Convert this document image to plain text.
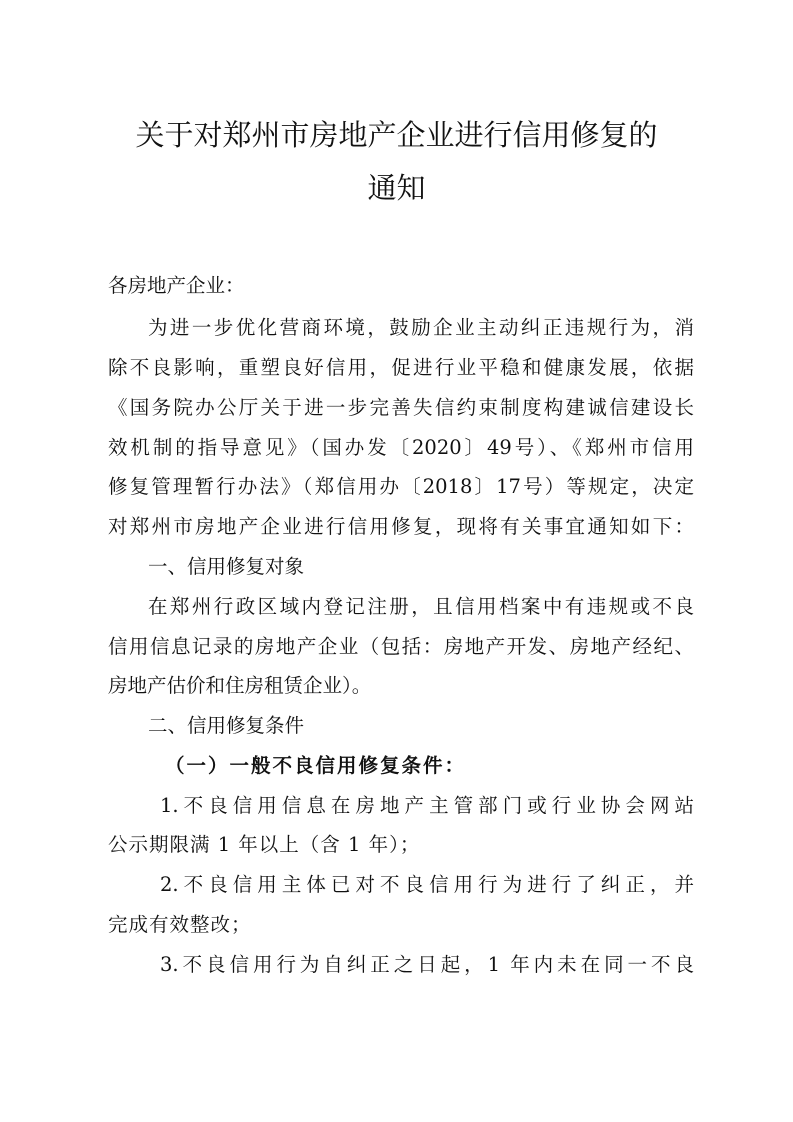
关于对郑州市房地产企业进行信用修复的
通知
各房地产企业：
为进一步优化营商环境，鼓励企业主动纠正违规行为，消
除不良影响，重塑良好信用，促进行业平稳和健康发展，依据
《国务院办公厅关于进一步完善失信约束制度构建诚信建设长
效机制的指导意见》（国办发〔2020〕49号）、《郑州市信用
修复管理暂行办法》（郑信用办〔2018〕17号）等规定，决定
对郑州市房地产企业进行信用修复，现将有关事宜通知如下：
一、信用修复对象
在郑州行政区域内登记注册，且信用档案中有违规或不良
信用信息记录的房地产企业（包括：房地产开发、房地产经纪、
房地产估价和住房租赁企业）。
二、信用修复条件
（一）一般不良信用修复条件：
1.不良信用信息在房地产主管部门或行业协会网站
公示期限满 1 年以上（含 1 年）；
2.不良信用主体已对不良信用行为进行了纠正，并
完成有效整改；
3.不良信用行为自纠正之日起，1 年内未在同一不良
